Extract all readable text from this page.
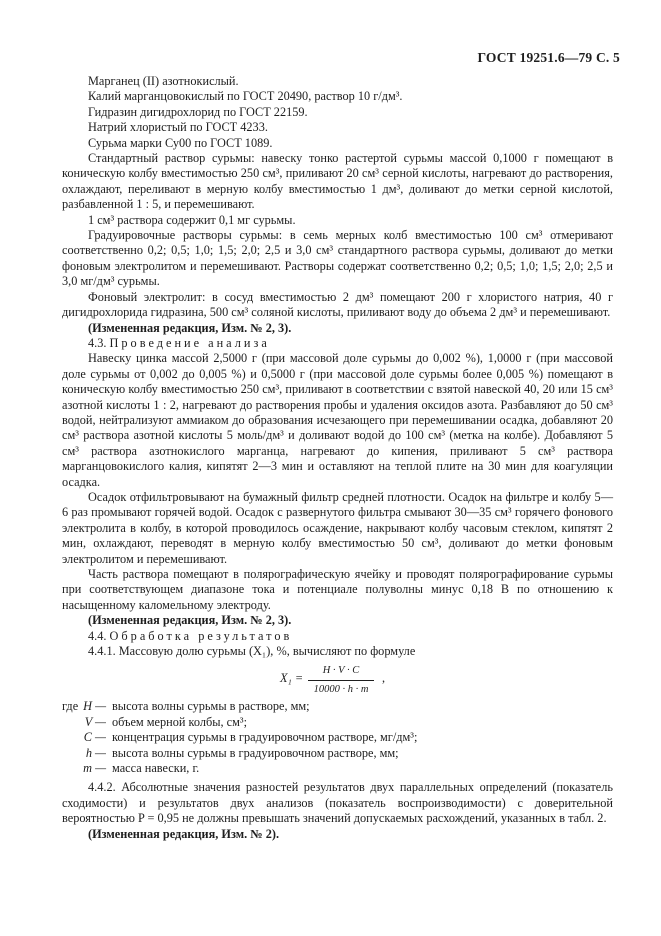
ГОСТ 19251.6—79 С. 5

Марганец (II) азотнокислый.

Калий марганцовокислый по ГОСТ 20490, раствор 10 г/дм³.

Гидразин дигидрохлорид по ГОСТ 22159.

Натрий хлористый по ГОСТ 4233.

Сурьма марки Су00 по ГОСТ 1089.

Стандартный раствор сурьмы: навеску тонко растертой сурьмы массой 0,1000 г помещают в коническую колбу вместимостью 250 см³, приливают 20 см³ серной кислоты, нагревают до растворения, охлаждают, переливают в мерную колбу вместимостью 1 дм³, доливают до метки серной кислотой, разбавленной 1 : 5, и перемешивают.

1 см³ раствора содержит 0,1 мг сурьмы.

Градуировочные растворы сурьмы: в семь мерных колб вместимостью 100 см³ отмеривают соответственно 0,2; 0,5; 1,0; 1,5; 2,0; 2,5 и 3,0 см³ стандартного раствора сурьмы, доливают до метки фоновым электролитом и перемешивают. Растворы содержат соответственно 0,2; 0,5; 1,0; 1,5; 2,0; 2,5 и 3,0 мг/дм³ сурьмы.

Фоновый электролит: в сосуд вместимостью 2 дм³ помещают 200 г хлористого натрия, 40 г дигидрохлорида гидразина, 500 см³ соляной кислоты, приливают воду до объема 2 дм³ и перемешивают.

(Измененная редакция, Изм. № 2, 3).

4.3. Проведение анализа

Навеску цинка массой 2,5000 г (при массовой доле сурьмы до 0,002 %), 1,0000 г (при массовой доле сурьмы от 0,002 до 0,005 %) и 0,5000 г (при массовой доле сурьмы более 0,005 %) помещают в коническую колбу вместимостью 250 см³, приливают в соответствии с взятой навеской 40, 20 или 15 см³ азотной кислоты 1 : 2, нагревают до растворения пробы и удаления оксидов азота. Разбавляют до 50 см³ водой, нейтрализуют аммиаком до образования исчезающего при перемешивании осадка, добавляют 20 см³ раствора азотной кислоты 5 моль/дм³ и доливают водой до 100 см³ (метка на колбе). Добавляют 5 см³ раствора азотнокислого марганца, нагревают до кипения, приливают 5 см³ раствора марганцовокислого калия, кипятят 2—3 мин и оставляют на теплой плите на 30 мин для коагуляции осадка.

Осадок отфильтровывают на бумажный фильтр средней плотности. Осадок на фильтре и колбу 5—6 раз промывают горячей водой. Осадок с развернутого фильтра смывают 30—35 см³ горячего фонового электролита в колбу, в которой проводилось осаждение, накрывают колбу часовым стеклом, кипятят 2 мин, охлаждают, переводят в мерную колбу вместимостью 50 см³, доливают до метки фоновым электролитом и перемешивают.

Часть раствора помещают в полярографическую ячейку и проводят полярографирование сурьмы при соответствующем диапазоне тока и потенциале полуволны минус 0,18 В по отношению к насыщенному каломельному электроду.

(Измененная редакция, Изм. № 2, 3).

4.4. Обработка результатов

4.4.1. Массовую долю сурьмы (X₁), %, вычисляют по формуле

$X_1 = \frac{H \cdot V \cdot C}{10000 \cdot h \cdot m}$ ,
где H — высота волны сурьмы в растворе, мм;
V — объем мерной колбы, см³;
C — концентрация сурьмы в градуировочном растворе, мг/дм³;
h — высота волны сурьмы в градуировочном растворе, мм;
m — масса навески, г.

4.4.2. Абсолютные значения разностей результатов двух параллельных определений (показатель сходимости) и результатов двух анализов (показатель воспроизводимости) с доверительной вероятностью P = 0,95 не должны превышать значений допускаемых расхождений, указанных в табл. 2.

(Измененная редакция, Изм. № 2).
